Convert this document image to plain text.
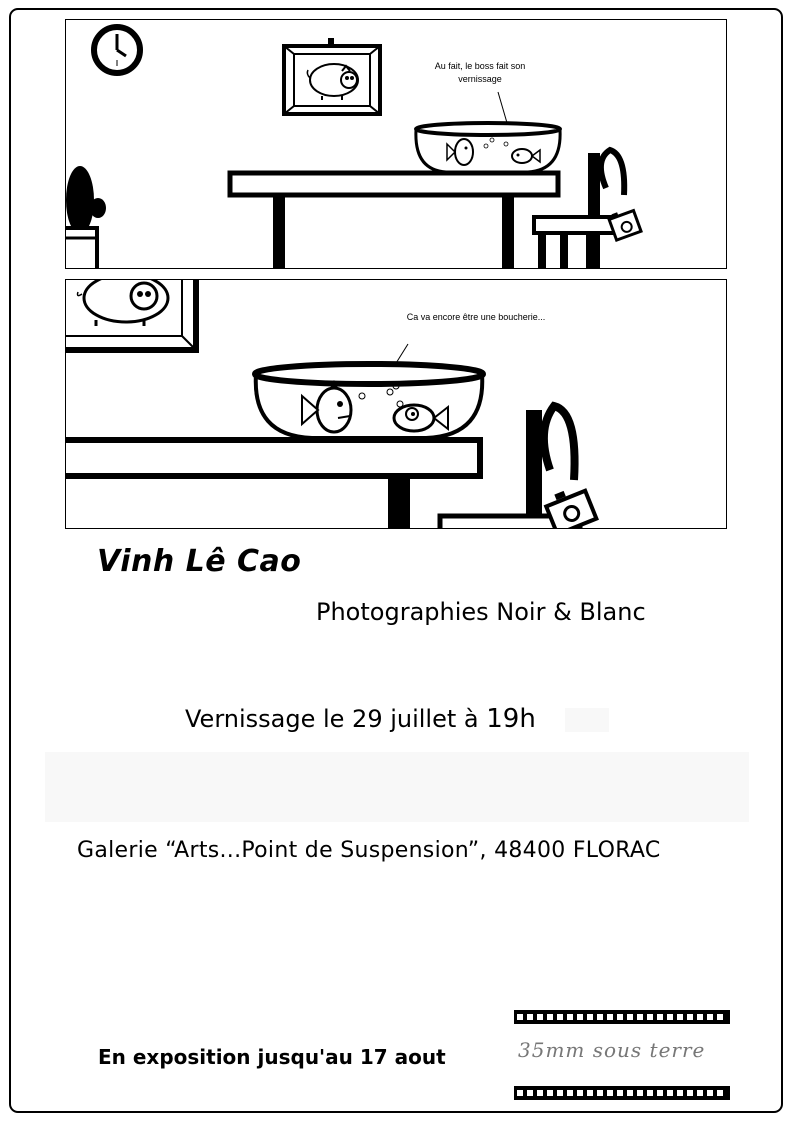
Au fait, le boss fait son vernissage
Ca va encore être une boucherie...
Vinh Lê Cao
Photographies Noir & Blanc
Vernissage le 29 juillet à 19h
Galerie “Arts...Point de Suspension”, 48400 FLORAC
En exposition jusqu'au 17 aout	35mm sous terre
